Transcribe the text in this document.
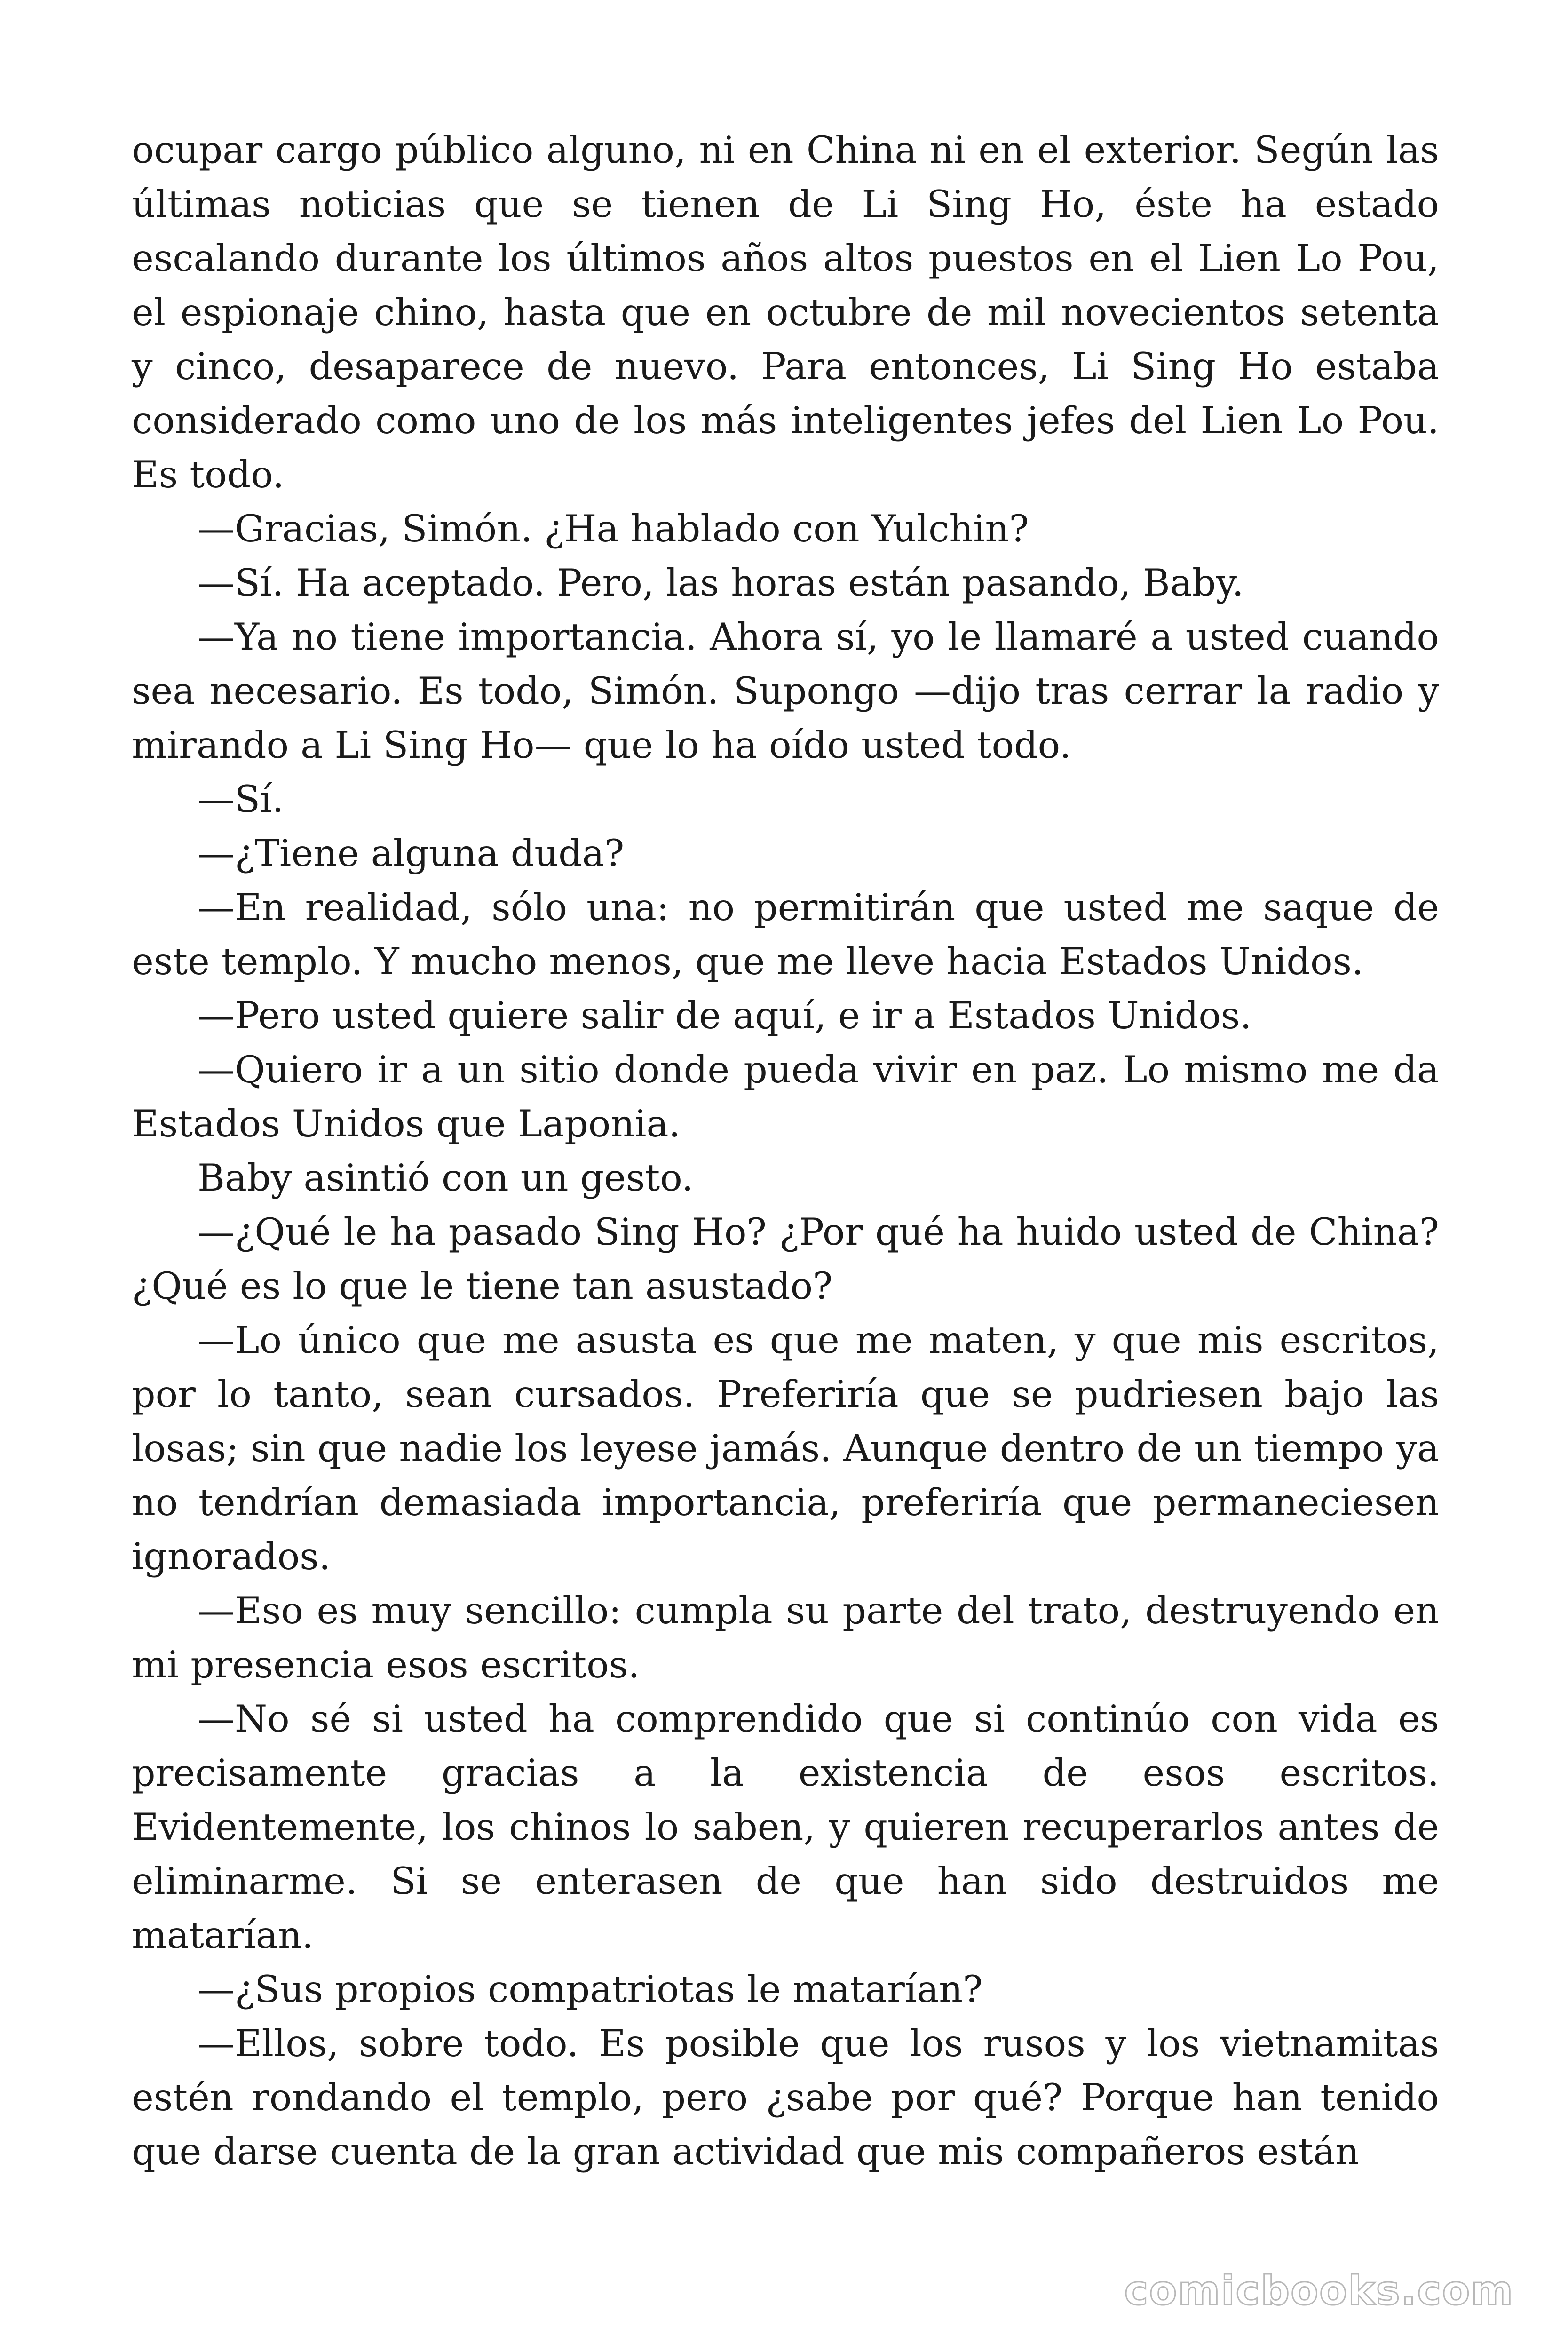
ocupar cargo público alguno, ni en China ni en el exterior. Según las últimas noticias que se tienen de Li Sing Ho, éste ha estado escalando durante los últimos años altos puestos en el Lien Lo Pou, el espionaje chino, hasta que en octubre de mil novecientos setenta y cinco, desaparece de nuevo. Para entonces, Li Sing Ho estaba considerado como uno de los más inteligentes jefes del Lien Lo Pou. Es todo.

—Gracias, Simón. ¿Ha hablado con Yulchin?

—Sí. Ha aceptado. Pero, las horas están pasando, Baby.

—Ya no tiene importancia. Ahora sí, yo le llamaré a usted cuando sea necesario. Es todo, Simón. Supongo —dijo tras cerrar la radio y mirando a Li Sing Ho— que lo ha oído usted todo.

—Sí.

—¿Tiene alguna duda?

—En realidad, sólo una: no permitirán que usted me saque de este templo. Y mucho menos, que me lleve hacia Estados Unidos.

—Pero usted quiere salir de aquí, e ir a Estados Unidos.

—Quiero ir a un sitio donde pueda vivir en paz. Lo mismo me da Estados Unidos que Laponia.

Baby asintió con un gesto.

—¿Qué le ha pasado Sing Ho? ¿Por qué ha huido usted de China? ¿Qué es lo que le tiene tan asustado?

—Lo único que me asusta es que me maten, y que mis escritos, por lo tanto, sean cursados. Preferiría que se pudriesen bajo las losas; sin que nadie los leyese jamás. Aunque dentro de un tiempo ya no tendrían demasiada importancia, preferiría que permaneciesen ignorados.

—Eso es muy sencillo: cumpla su parte del trato, destruyendo en mi presencia esos escritos.

—No sé si usted ha comprendido que si continúo con vida es precisamente gracias a la existencia de esos escritos. Evidentemente, los chinos lo saben, y quieren recuperarlos antes de eliminarme. Si se enterasen de que han sido destruidos me matarían.

—¿Sus propios compatriotas le matarían?

—Ellos, sobre todo. Es posible que los rusos y los vietnamitas estén rondando el templo, pero ¿sabe por qué? Porque han tenido que darse cuenta de la gran actividad que mis compañeros están

comicbooks.com
